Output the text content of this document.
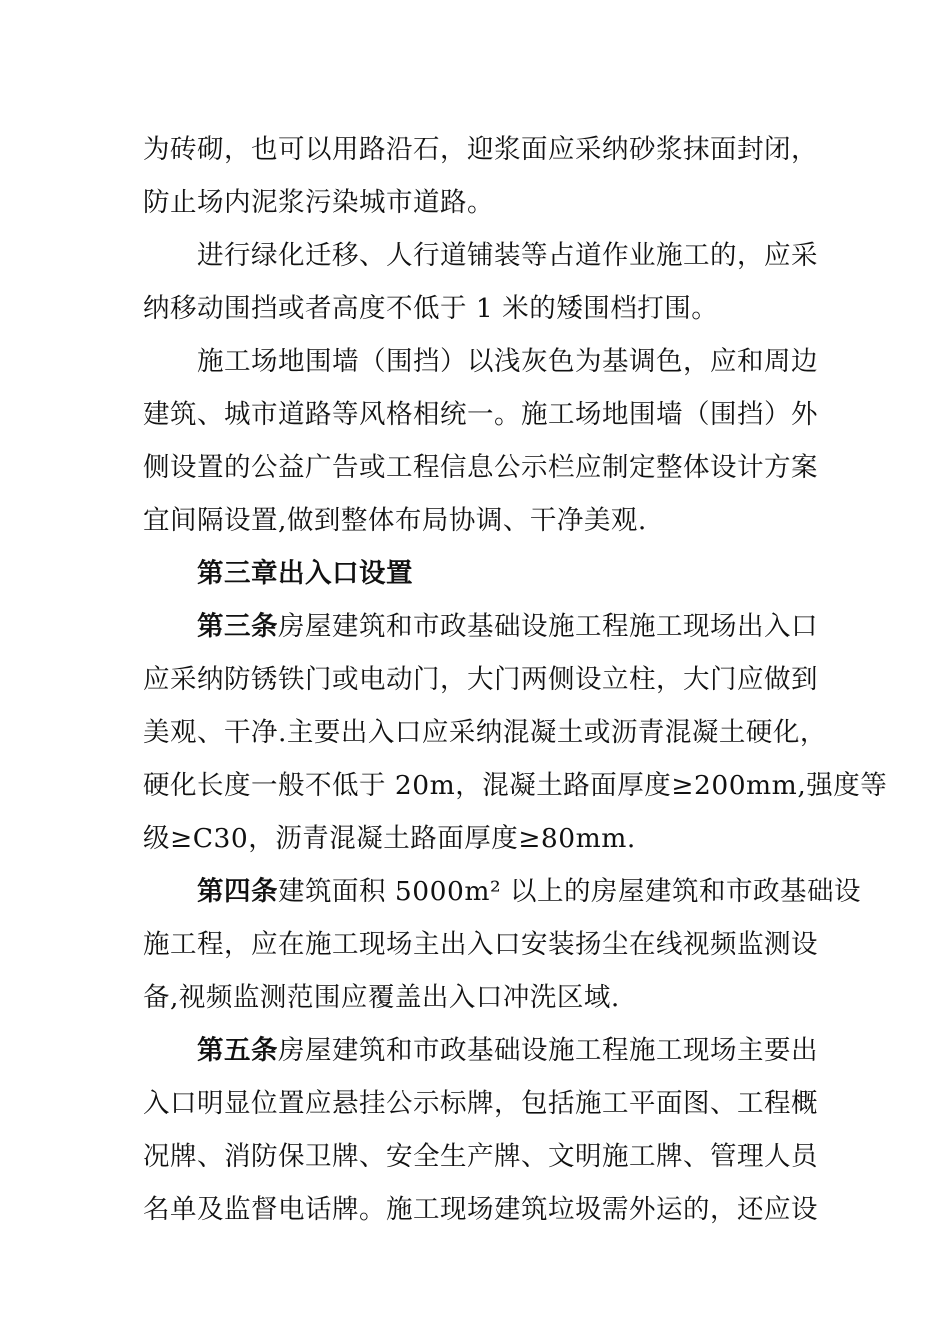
为砖砌，也可以用路沿石，迎浆面应采纳砂浆抹面封闭，
防止场内泥浆污染城市道路。
进行绿化迁移、人行道铺装等占道作业施工的，应采
纳移动围挡或者高度不低于 1 米的矮围档打围。
施工场地围墙（围挡）以浅灰色为基调色，应和周边
建筑、城市道路等风格相统一。施工场地围墙（围挡）外
侧设置的公益广告或工程信息公示栏应制定整体设计方案
宜间隔设置,做到整体布局协调、干净美观.
第三章出入口设置
第三条房屋建筑和市政基础设施工程施工现场出入口
应采纳防锈铁门或电动门，大门两侧设立柱，大门应做到
美观、干净.主要出入口应采纳混凝土或沥青混凝土硬化，
硬化长度一般不低于 20m，混凝土路面厚度≥200mm,强度等
级≥C30，沥青混凝土路面厚度≥80mm.
第四条建筑面积 5000m² 以上的房屋建筑和市政基础设
施工程，应在施工现场主出入口安装扬尘在线视频监测设
备,视频监测范围应覆盖出入口冲洗区域.
第五条房屋建筑和市政基础设施工程施工现场主要出
入口明显位置应悬挂公示标牌，包括施工平面图、工程概
况牌、消防保卫牌、安全生产牌、文明施工牌、管理人员
名单及监督电话牌。施工现场建筑垃圾需外运的，还应设
